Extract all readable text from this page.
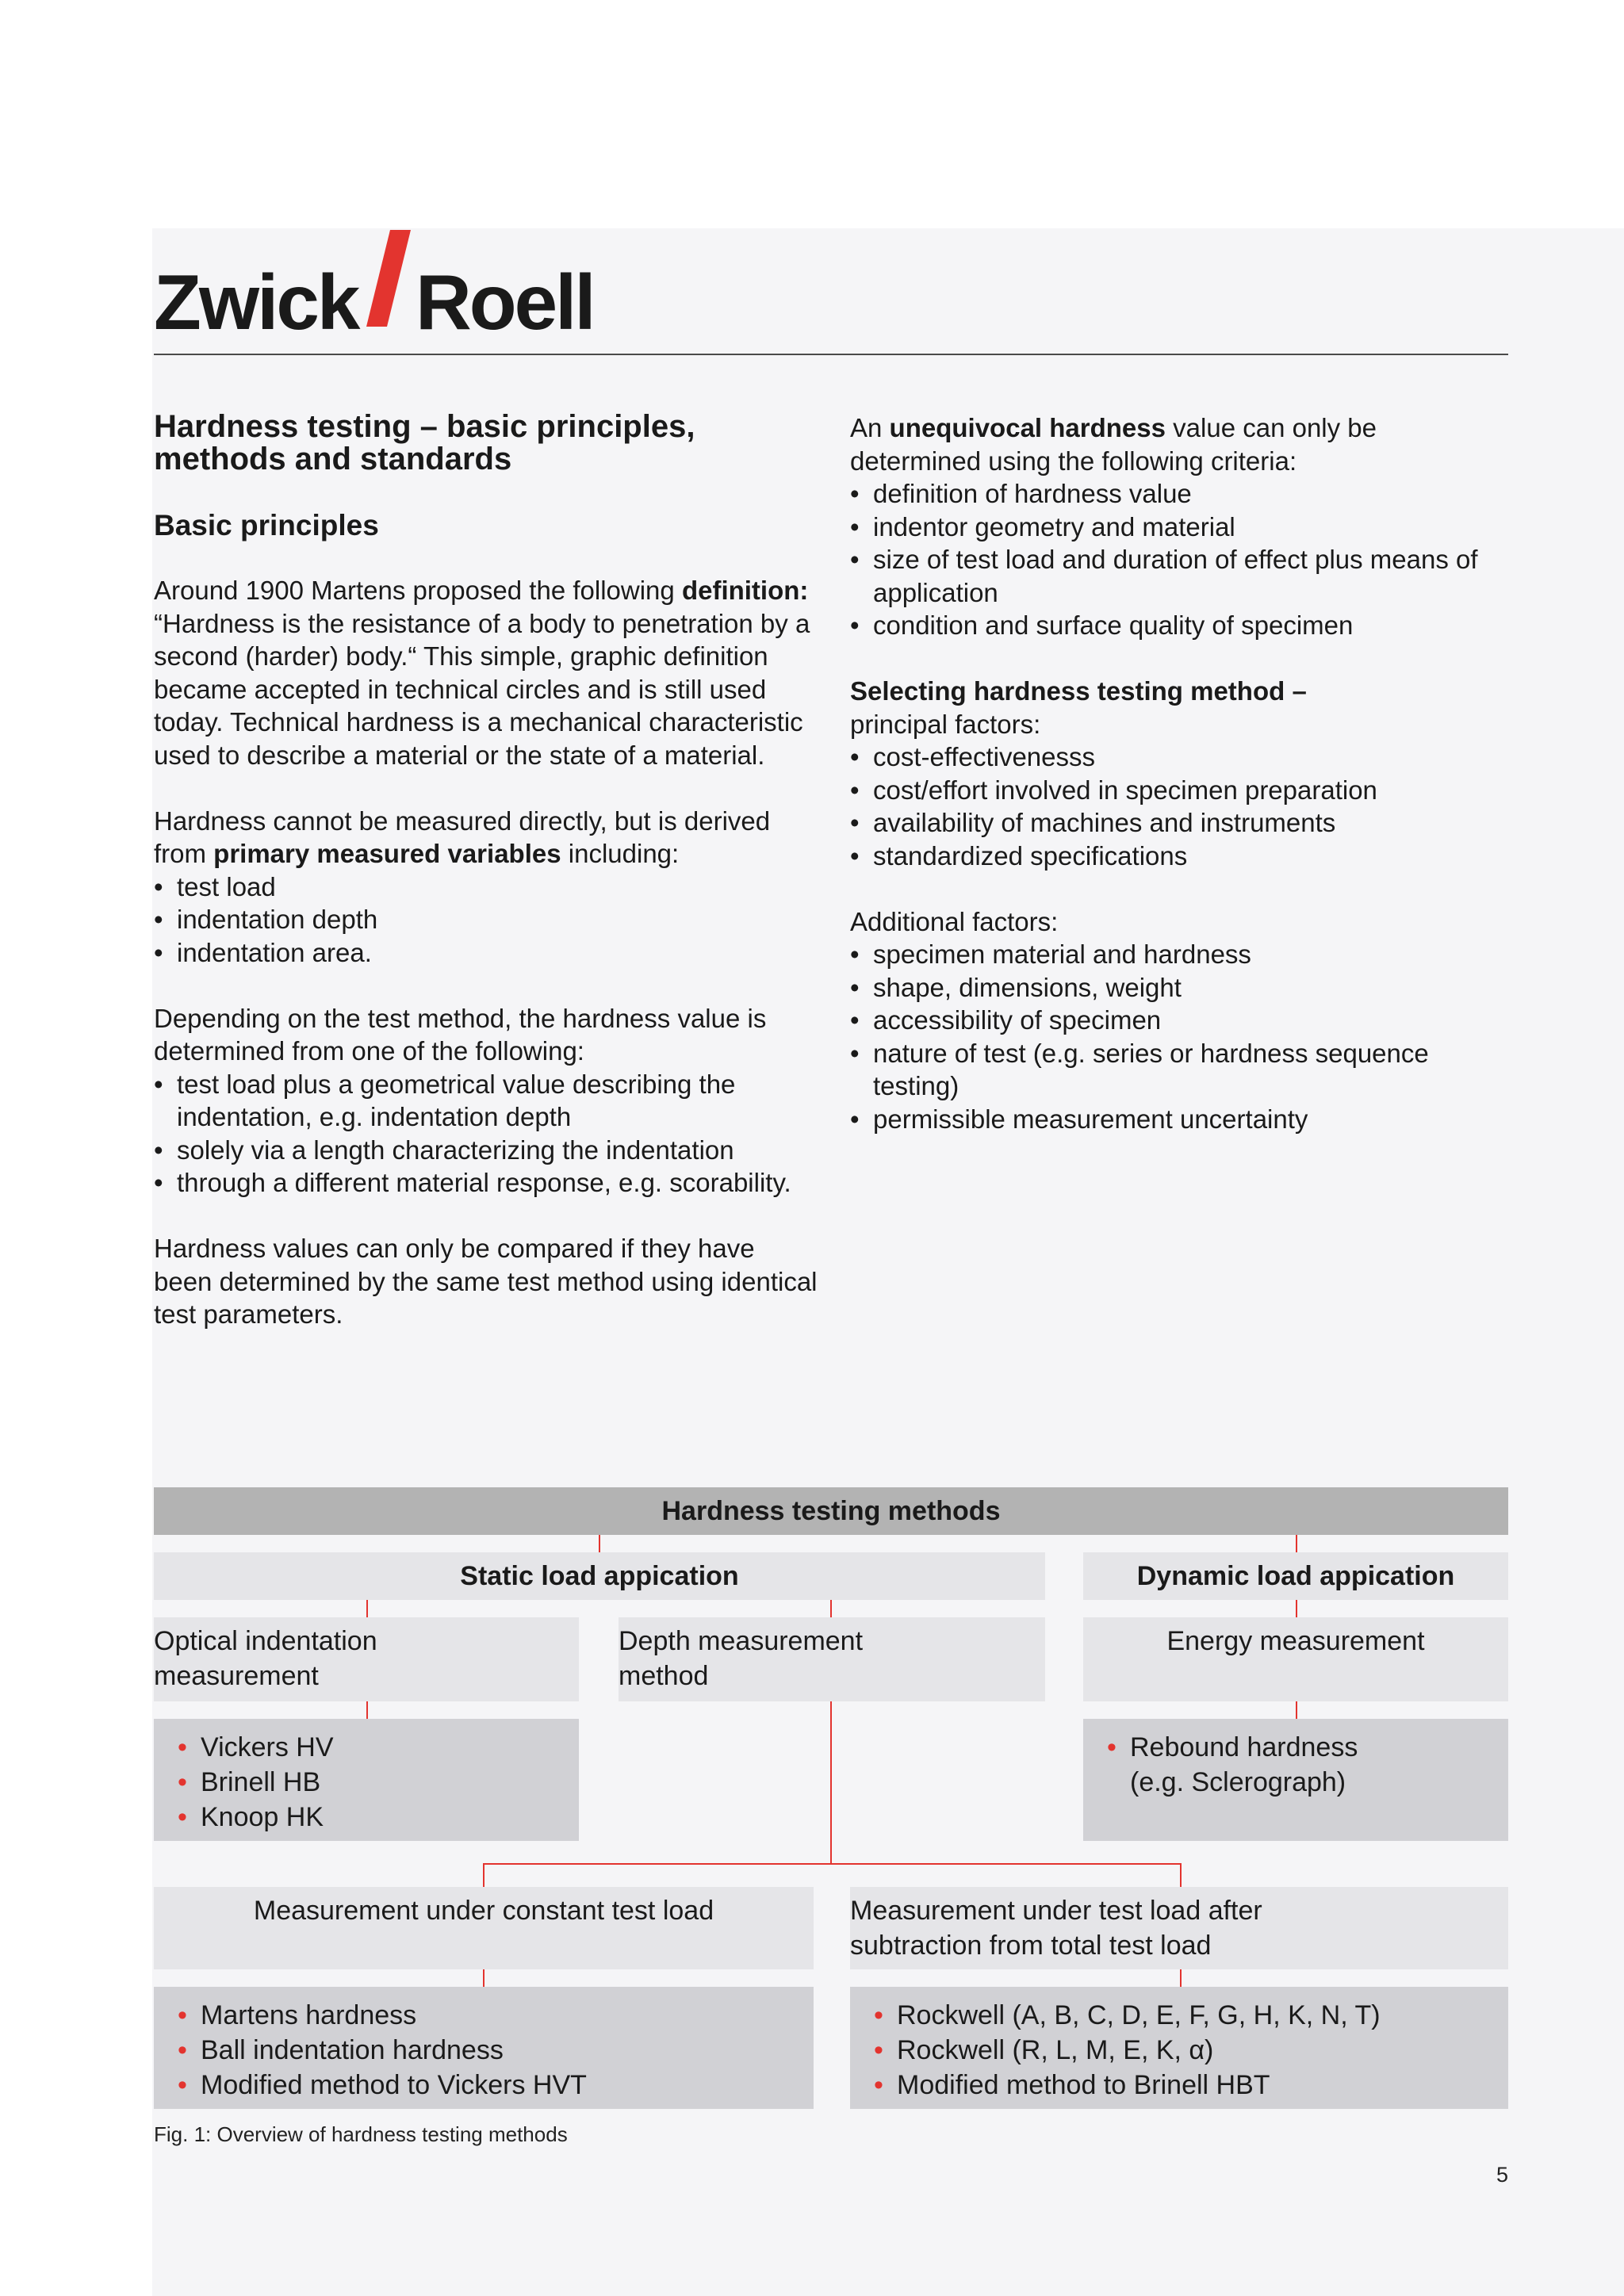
Zwick Roell

Hardness testing – basic principles, methods and standards

Basic principles

Around 1900 Martens proposed the following definition: “Hardness is the resistance of a body to penetration by a second (harder) body.“ This simple, graphic definition became accepted in technical circles and is still used today. Technical hardness is a mechanical characteristic used to describe a material or the state of a material.

Hardness cannot be measured directly, but is derived from primary measured variables including:

• test load
• indentation depth
• indentation area.

Depending on the test method, the hardness value is determined from one of the following:

• test load plus a geometrical value describing the indentation, e.g. indentation depth
• solely via a length characterizing the indentation
• through a different material response, e.g. scorability.

Hardness values can only be compared if they have been determined by the same test method using identical test parameters.

An unequivocal hardness value can only be determined using the following criteria:

• definition of hardness value
• indentor geometry and material
• size of test load and duration of effect plus means of application
• condition and surface quality of specimen

Selecting hardness testing method –

principal factors:

• cost-effectivenesss
• cost/effort involved in specimen preparation
• availability of machines and instruments
• standardized specifications

Additional factors:

• specimen material and hardness
• shape, dimensions, weight
• accessibility of specimen
• nature of test (e.g. series or hardness sequence testing)
• permissible measurement uncertainty
Hardness testing methods
Static load appication	Dynamic load appication
Optical indentation
measurement
Depth measurement
method
Energy measurement
• Vickers HV
• Brinell HB
• Knoop HK
• Rebound hardness
(e.g. Sclerograph)
Measurement under constant test load	Measurement under test load after
subtraction from total test load
• Martens hardness
• Ball indentation hardness
• Modified method to Vickers HVT
• Rockwell (A, B, C, D, E, F, G, H, K, N, T)
• Rockwell (R, L, M, E, K, α)
• Modified method to Brinell HBT
Fig. 1: Overview of hardness testing methods
5
